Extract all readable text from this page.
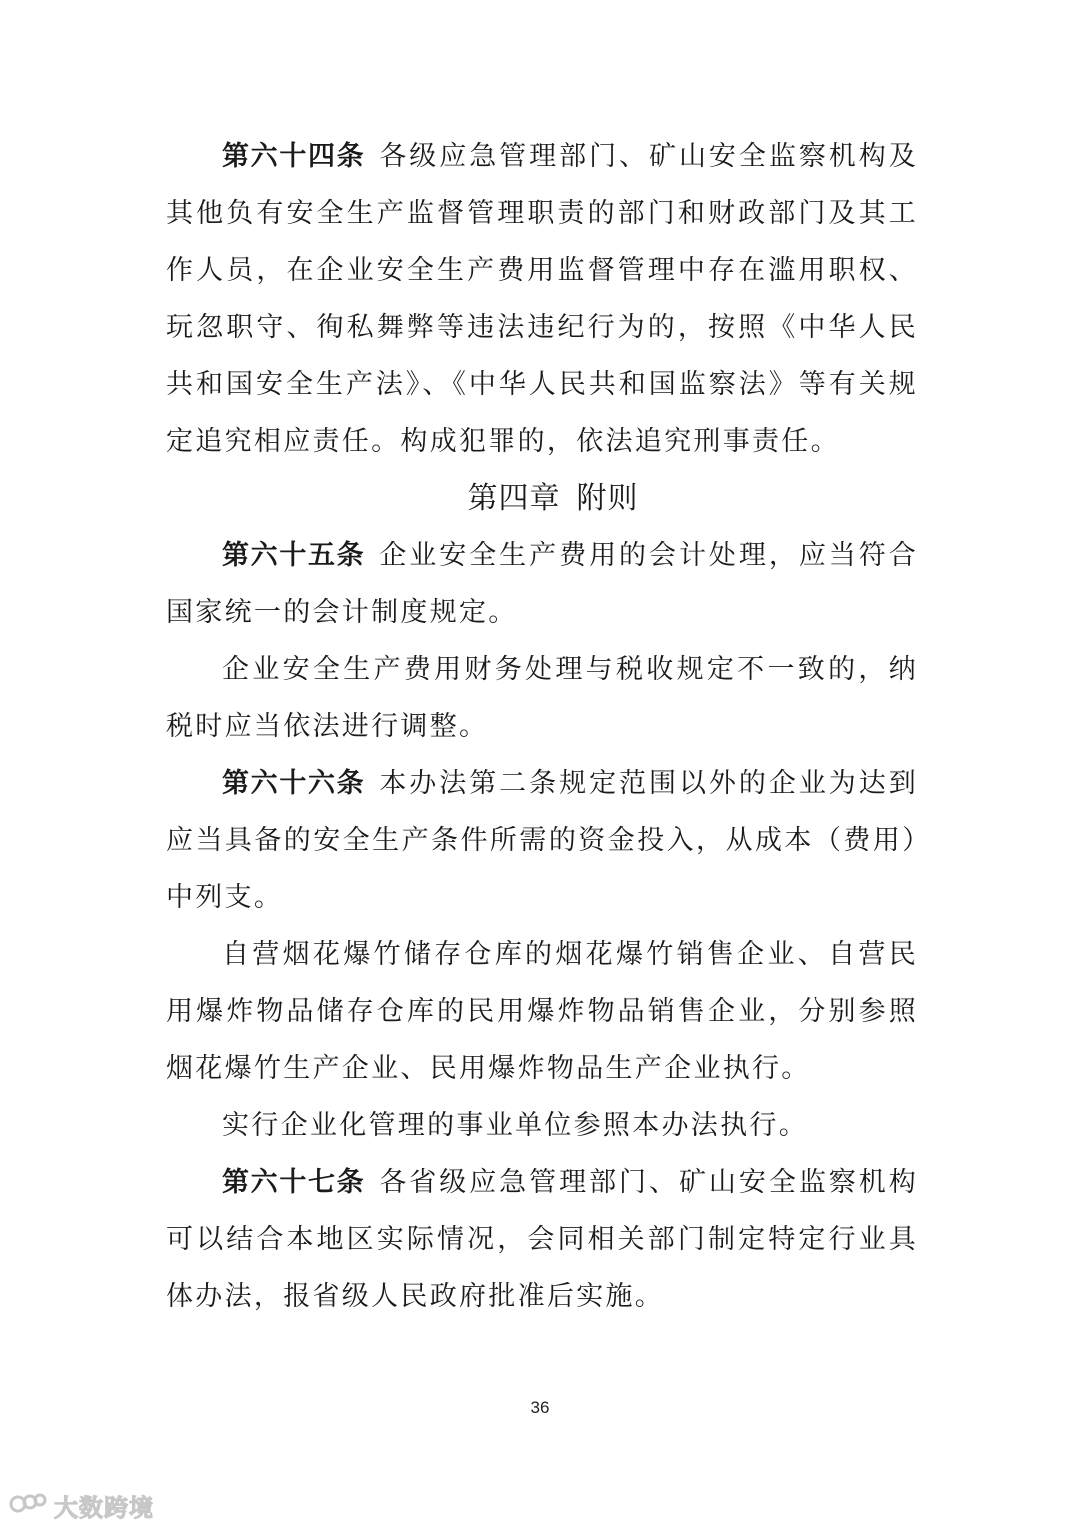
第六十四条 各级应急管理部门、矿山安全监察机构及其他负有安全生产监督管理职责的部门和财政部门及其工作人员，在企业安全生产费用监督管理中存在滥用职权、玩忽职守、徇私舞弊等违法违纪行为的，按照《中华人民共和国安全生产法》、《中华人民共和国监察法》等有关规定追究相应责任。构成犯罪的，依法追究刑事责任。

第四章 附则

第六十五条 企业安全生产费用的会计处理，应当符合国家统一的会计制度规定。

企业安全生产费用财务处理与税收规定不一致的，纳税时应当依法进行调整。

第六十六条 本办法第二条规定范围以外的企业为达到应当具备的安全生产条件所需的资金投入，从成本（费用）中列支。

自营烟花爆竹储存仓库的烟花爆竹销售企业、自营民用爆炸物品储存仓库的民用爆炸物品销售企业，分别参照烟花爆竹生产企业、民用爆炸物品生产企业执行。

实行企业化管理的事业单位参照本办法执行。

第六十七条 各省级应急管理部门、矿山安全监察机构可以结合本地区实际情况，会同相关部门制定特定行业具体办法，报省级人民政府批准后实施。

36
大数跨境
